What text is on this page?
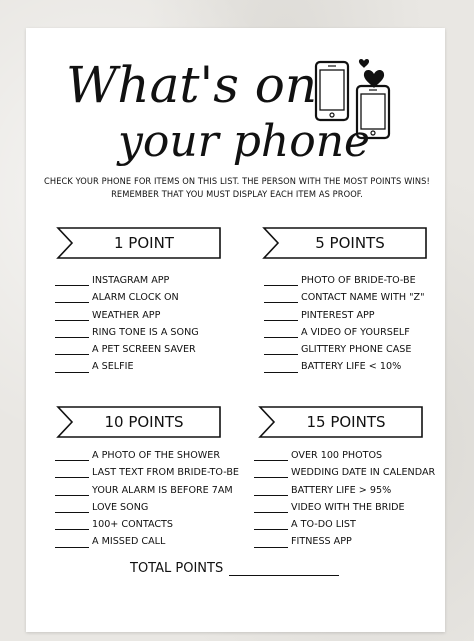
What's on
your phone
CHECK YOUR PHONE FOR ITEMS ON THIS LIST. THE PERSON WITH THE MOST POINTS WINS!
REMEMBER THAT YOU MUST DISPLAY EACH ITEM AS PROOF.
1 POINT	5 POINTS
10 POINTS	15 POINTS
INSTAGRAM APP
ALARM CLOCK ON
WEATHER APP
RING TONE IS A SONG
A PET SCREEN SAVER
A SELFIE
PHOTO OF BRIDE-TO-BE
CONTACT NAME WITH "Z"
PINTEREST APP
A VIDEO OF YOURSELF
GLITTERY PHONE CASE
BATTERY LIFE < 10%
A PHOTO OF THE SHOWER
LAST TEXT FROM BRIDE-TO-BE
YOUR ALARM IS BEFORE 7AM
LOVE SONG
100+ CONTACTS
A MISSED CALL
OVER 100 PHOTOS
WEDDING DATE IN CALENDAR
BATTERY LIFE > 95%
VIDEO WITH THE BRIDE
A TO-DO LIST
FITNESS APP
TOTAL POINTS
